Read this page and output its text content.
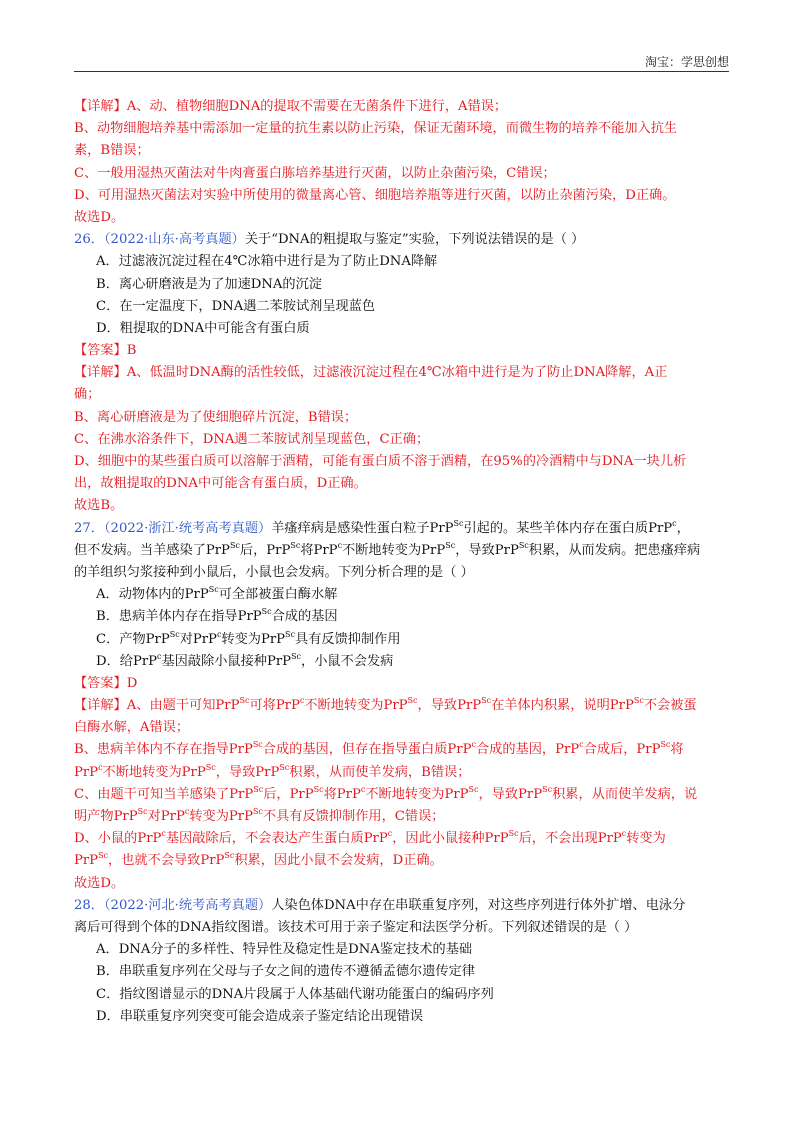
淘宝：学思创想
【详解】A、动、植物细胞DNA的提取不需要在无菌条件下进行，A错误；
B、动物细胞培养基中需添加一定量的抗生素以防止污染，保证无菌环境，而微生物的培养不能加入抗生
素，B错误；
C、一般用湿热灭菌法对牛肉膏蛋白胨培养基进行灭菌，以防止杂菌污染，C错误；
D、可用湿热灭菌法对实验中所使用的微量离心管、细胞培养瓶等进行灭菌，以防止杂菌污染，D正确。
故选D。
26．（2022·山东·高考真题）关于“DNA的粗提取与鉴定”实验，下列说法错误的是（ ）
A．过滤液沉淀过程在4℃冰箱中进行是为了防止DNA降解
B．离心研磨液是为了加速DNA的沉淀
C．在一定温度下，DNA遇二苯胺试剂呈现蓝色
D．粗提取的DNA中可能含有蛋白质
【答案】B
【详解】A、低温时DNA酶的活性较低，过滤液沉淀过程在4℃冰箱中进行是为了防止DNA降解，A正
确；
B、离心研磨液是为了使细胞碎片沉淀，B错误；
C、在沸水浴条件下，DNA遇二苯胺试剂呈现蓝色，C正确；
D、细胞中的某些蛋白质可以溶解于酒精，可能有蛋白质不溶于酒精，在95%的冷酒精中与DNA一块儿析
出，故粗提取的DNA中可能含有蛋白质，D正确。
故选B。
27．（2022·浙江·统考高考真题）羊瘙痒病是感染性蛋白粒子PrP$^{Sc}$引起的。某些羊体内存在蛋白质PrP$^c$，
但不发病。当羊感染了PrP$^{Sc}$后，PrP$^{Sc}$将PrP$^c$不断地转变为PrP$^{Sc}$，导致PrP$^{Sc}$积累，从而发病。把患瘙痒病
的羊组织匀浆接种到小鼠后，小鼠也会发病。下列分析合理的是（ ）
A．动物体内的PrP$^{Sc}$可全部被蛋白酶水解
B．患病羊体内存在指导PrP$^{Sc}$合成的基因
C．产物PrP$^{Sc}$对PrP$^c$转变为PrP$^{Sc}$具有反馈抑制作用
D．给PrP$^c$基因敲除小鼠接种PrP$^{Sc}$，小鼠不会发病
【答案】D
【详解】A、由题干可知PrP$^{Sc}$可将PrP$^c$不断地转变为PrP$^{Sc}$，导致PrP$^{Sc}$在羊体内积累，说明PrP$^{Sc}$不会被蛋
白酶水解，A错误；
B、患病羊体内不存在指导PrP$^{Sc}$合成的基因，但存在指导蛋白质PrP$^c$合成的基因，PrP$^c$合成后，PrP$^{Sc}$将
PrP$^c$不断地转变为PrP$^{Sc}$，导致PrP$^{Sc}$积累，从而使羊发病，B错误；
C、由题干可知当羊感染了PrP$^{Sc}$后，PrP$^{Sc}$将PrP$^c$不断地转变为PrP$^{Sc}$，导致PrP$^{Sc}$积累，从而使羊发病，说
明产物PrP$^{Sc}$对PrP$^c$转变为PrP$^{Sc}$不具有反馈抑制作用，C错误；
D、小鼠的PrP$^c$基因敲除后，不会表达产生蛋白质PrP$^c$，因此小鼠接种PrP$^{Sc}$后，不会出现PrP$^c$转变为
PrP$^{Sc}$，也就不会导致PrP$^{Sc}$积累，因此小鼠不会发病，D正确。
故选D。
28．（2022·河北·统考高考真题）人染色体DNA中存在串联重复序列，对这些序列进行体外扩增、电泳分
离后可得到个体的DNA指纹图谱。该技术可用于亲子鉴定和法医学分析。下列叙述错误的是（ ）
A．DNA分子的多样性、特异性及稳定性是DNA鉴定技术的基础
B．串联重复序列在父母与子女之间的遗传不遵循孟德尔遗传定律
C．指纹图谱显示的DNA片段属于人体基础代谢功能蛋白的编码序列
D．串联重复序列突变可能会造成亲子鉴定结论出现错误
